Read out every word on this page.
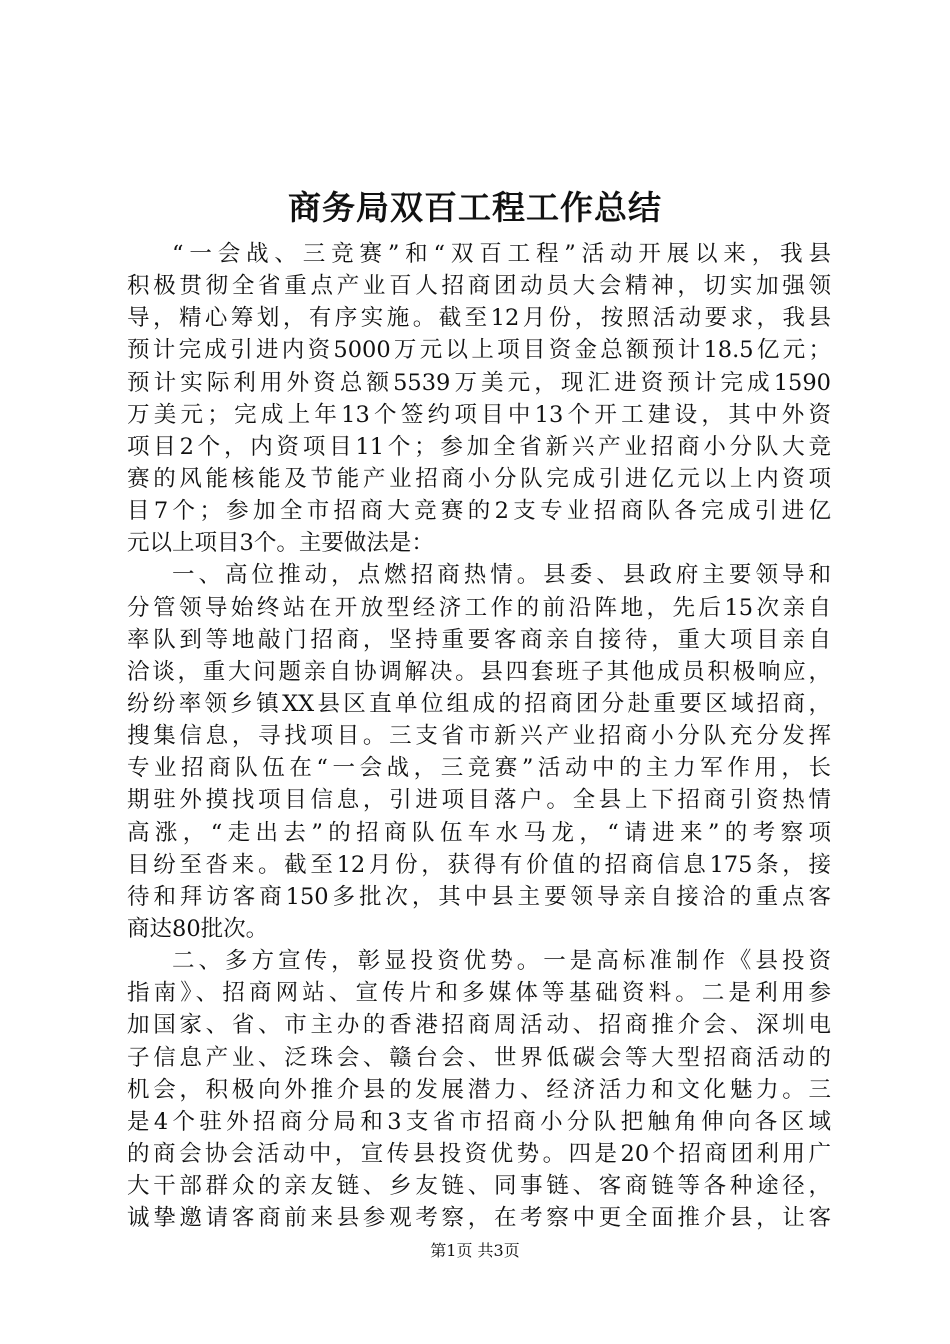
商务局双百工程工作总结
“一会战、三竞赛”和“双百工程”活动开展以来，我县
积极贯彻全省重点产业百人招商团动员大会精神，切实加强领
导，精心筹划，有序实施。截至12月份，按照活动要求，我县
预计完成引进内资5000万元以上项目资金总额预计18.5亿元；
预计实际利用外资总额5539万美元，现汇进资预计完成1590
万美元；完成上年13个签约项目中13个开工建设，其中外资
项目2个，内资项目11个；参加全省新兴产业招商小分队大竞
赛的风能核能及节能产业招商小分队完成引进亿元以上内资项
目7个；参加全市招商大竞赛的2支专业招商队各完成引进亿
元以上项目3个。主要做法是：
一、高位推动，点燃招商热情。县委、县政府主要领导和
分管领导始终站在开放型经济工作的前沿阵地，先后15次亲自
率队到等地敲门招商，坚持重要客商亲自接待，重大项目亲自
洽谈，重大问题亲自协调解决。县四套班子其他成员积极响应，
纷纷率领乡镇XX县区直单位组成的招商团分赴重要区域招商，
搜集信息，寻找项目。三支省市新兴产业招商小分队充分发挥
专业招商队伍在“一会战，三竞赛”活动中的主力军作用，长
期驻外摸找项目信息，引进项目落户。全县上下招商引资热情
高涨，“走出去”的招商队伍车水马龙，“请进来”的考察项
目纷至沓来。截至12月份，获得有价值的招商信息175条，接
待和拜访客商150多批次，其中县主要领导亲自接洽的重点客
商达80批次。
二、多方宣传，彰显投资优势。一是高标准制作《县投资
指南》、招商网站、宣传片和多媒体等基础资料。二是利用参
加国家、省、市主办的香港招商周活动、招商推介会、深圳电
子信息产业、泛珠会、赣台会、世界低碳会等大型招商活动的
机会，积极向外推介县的发展潜力、经济活力和文化魅力。三
是4个驻外招商分局和3支省市招商小分队把触角伸向各区域
的商会协会活动中，宣传县投资优势。四是20个招商团利用广
大干部群众的亲友链、乡友链、同事链、客商链等各种途径，
诚挚邀请客商前来县参观考察，在考察中更全面推介县，让客
第1页 共3页
